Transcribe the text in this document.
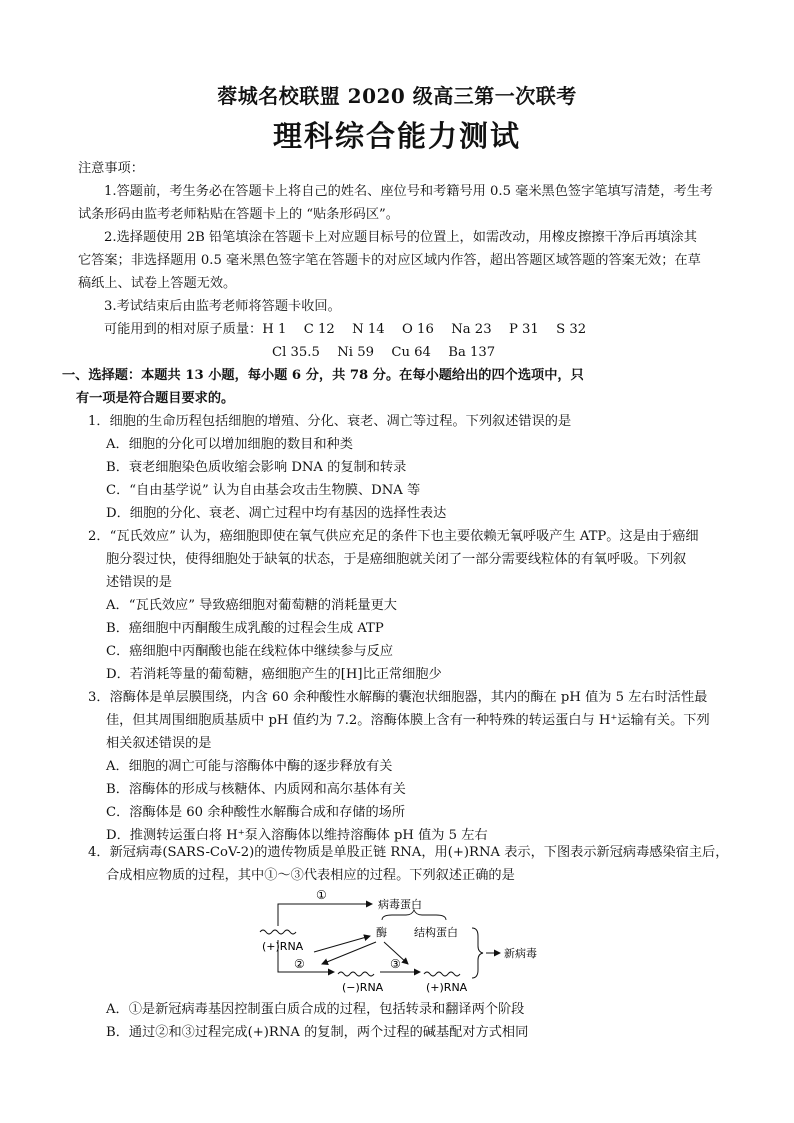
蓉城名校联盟 2020 级高三第一次联考
理科综合能力测试
注意事项：
1.答题前，考生务必在答题卡上将自己的姓名、座位号和考籍号用 0.5 毫米黑色签字笔填写清楚，考生考
试条形码由监考老师粘贴在答题卡上的 “贴条形码区”。
2.选择题使用 2B 铅笔填涂在答题卡上对应题目标号的位置上，如需改动，用橡皮擦擦干净后再填涂其
它答案；非选择题用 0.5 毫米黑色签字笔在答题卡的对应区域内作答，超出答题区域答题的答案无效；在草
稿纸上、试卷上答题无效。
3.考试结束后由监考老师将答题卡收回。
可能用到的相对原子质量：H 1　 C 12　 N 14　 O 16　 Na 23　 P 31　 S 32
Cl 35.5　 Ni 59　 Cu 64　 Ba 137
一、选择题：本题共 13 小题，每小题 6 分，共 78 分。在每小题给出的四个选项中，只
有一项是符合题目要求的。
1．细胞的生命历程包括细胞的增殖、分化、衰老、凋亡等过程。下列叙述错误的是
A．细胞的分化可以增加细胞的数目和种类
B．衰老细胞染色质收缩会影响 DNA 的复制和转录
C．“自由基学说” 认为自由基会攻击生物膜、DNA 等
D．细胞的分化、衰老、凋亡过程中均有基因的选择性表达
2．“瓦氏效应” 认为，癌细胞即使在氧气供应充足的条件下也主要依赖无氧呼吸产生 ATP。这是由于癌细
胞分裂过快，使得细胞处于缺氧的状态，于是癌细胞就关闭了一部分需要线粒体的有氧呼吸。下列叙
述错误的是
A．“瓦氏效应” 导致癌细胞对葡萄糖的消耗量更大
B．癌细胞中丙酮酸生成乳酸的过程会生成 ATP
C．癌细胞中丙酮酸也能在线粒体中继续参与反应
D．若消耗等量的葡萄糖，癌细胞产生的[H]比正常细胞少
3．溶酶体是单层膜围绕，内含 60 余种酸性水解酶的囊泡状细胞器，其内的酶在 pH 值为 5 左右时活性最
佳，但其周围细胞质基质中 pH 值约为 7.2。溶酶体膜上含有一种特殊的转运蛋白与 H⁺运输有关。下列
相关叙述错误的是
A．细胞的凋亡可能与溶酶体中酶的逐步释放有关
B．溶酶体的形成与核糖体、内质网和高尔基体有关
C．溶酶体是 60 余种酸性水解酶合成和存储的场所
D．推测转运蛋白将 H⁺泵入溶酶体以维持溶酶体 pH 值为 5 左右
4．新冠病毒(SARS-CoV-2)的遗传物质是单股正链 RNA，用(+)RNA 表示，下图表示新冠病毒感染宿主后，
合成相应物质的过程，其中①～③代表相应的过程。下列叙述正确的是
(+)RNA
①
病毒蛋白
酶 结构蛋白
②
(−)RNA
③
(+)RNA
新病毒
A．①是新冠病毒基因控制蛋白质合成的过程，包括转录和翻译两个阶段
B．通过②和③过程完成(+)RNA 的复制，两个过程的碱基配对方式相同
